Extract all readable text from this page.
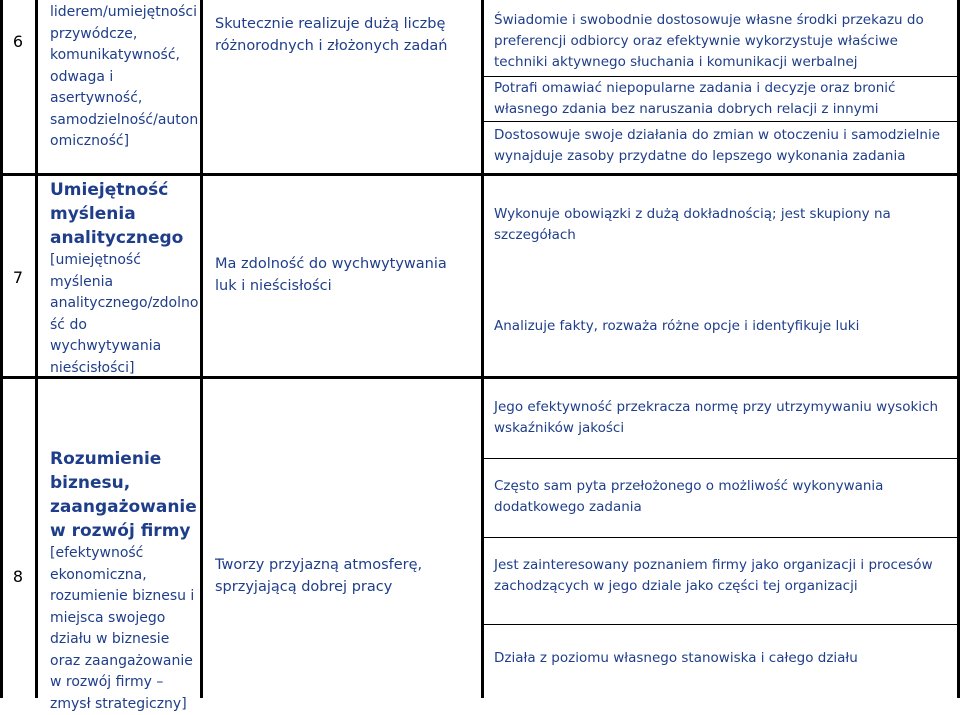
6
liderem/umiejętności
przywódcze,
komunikatywność,
odwaga i
asertywność,
samodzielność/auton
omiczność]
Skutecznie realizuje dużą liczbę
różnorodnych i złożonych zadań
Świadomie i swobodnie dostosowuje własne środki przekazu do
preferencji odbiorcy oraz efektywnie wykorzystuje właściwe
techniki aktywnego słuchania i komunikacji werbalnej
Potrafi omawiać niepopularne zadania i decyzje oraz bronić
własnego zdania bez naruszania dobrych relacji z innymi
Dostosowuje swoje działania do zmian w otoczeniu i samodzielnie
wynajduje zasoby przydatne do lepszego wykonania zadania
7
Umiejętność
myślenia
analitycznego
[umiejętność
myślenia
analitycznego/zdolno
ść do
wychwytywania
nieścisłości]
Ma zdolność do wychwytywania
luk i nieścisłości
Wykonuje obowiązki z dużą dokładnością; jest skupiony na
szczegółach
Analizuje fakty, rozważa różne opcje i identyfikuje luki
8
Rozumienie
biznesu,
zaangażowanie
w rozwój firmy
[efektywność
ekonomiczna,
rozumienie biznesu i
miejsca swojego
działu w biznesie
oraz zaangażowanie
w rozwój firmy –
zmysł strategiczny]
Tworzy przyjazną atmosferę,
sprzyjającą dobrej pracy
Jego efektywność przekracza normę przy utrzymywaniu wysokich
wskaźników jakości
Często sam pyta przełożonego o możliwość wykonywania
dodatkowego zadania
Jest zainteresowany poznaniem firmy jako organizacji i procesów
zachodzących w jego dziale jako części tej organizacji
Działa z poziomu własnego stanowiska i całego działu
